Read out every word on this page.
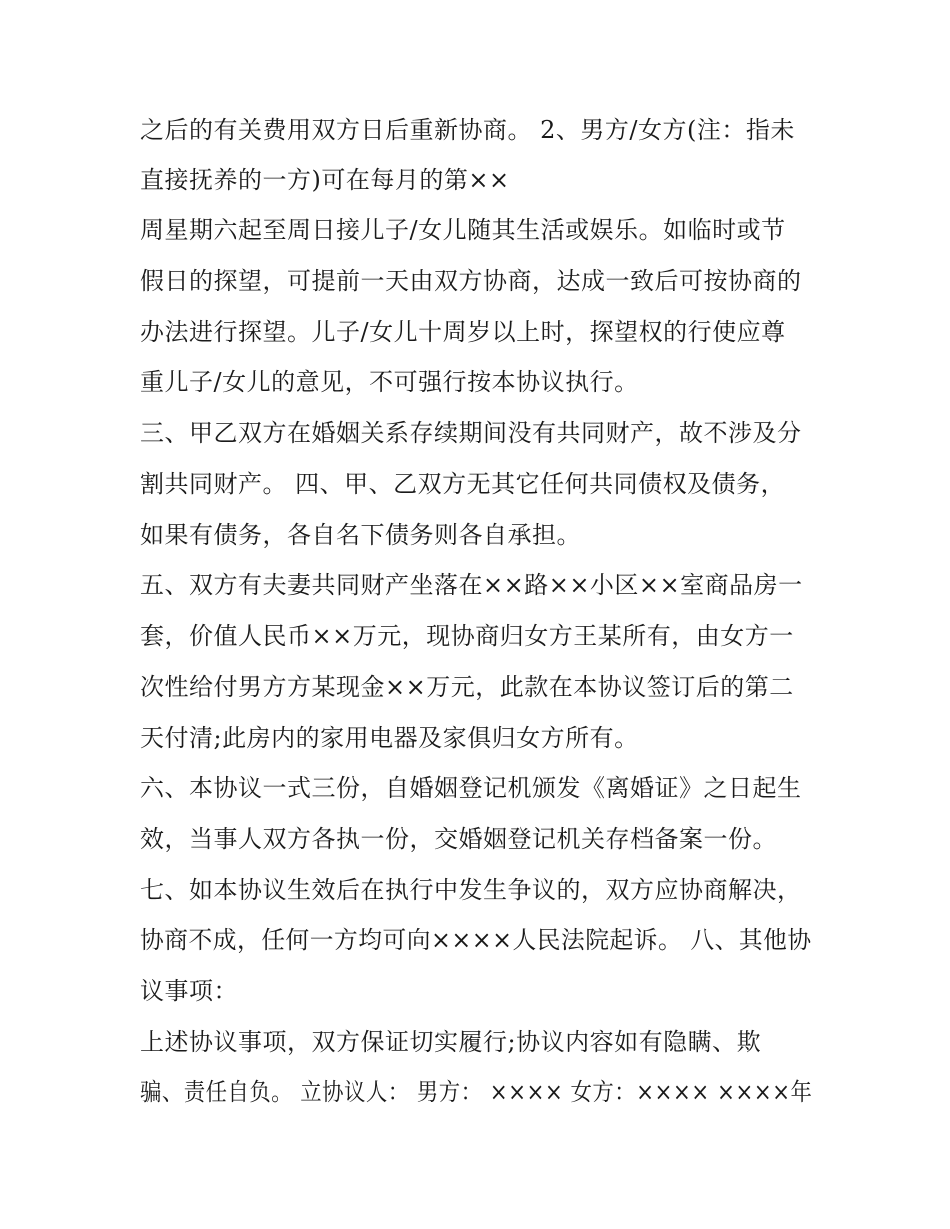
之后的有关费用双方日后重新协商。 2、男方/女方(注：指未
直接抚养的一方)可在每月的第××
周星期六起至周日接儿子/女儿随其生活或娱乐。如临时或节
假日的探望，可提前一天由双方协商，达成一致后可按协商的
办法进行探望。儿子/女儿十周岁以上时，探望权的行使应尊
重儿子/女儿的意见，不可强行按本协议执行。
三、甲乙双方在婚姻关系存续期间没有共同财产，故不涉及分
割共同财产。 四、甲、乙双方无其它任何共同债权及债务，
如果有债务，各自名下债务则各自承担。
五、双方有夫妻共同财产坐落在××路××小区××室商品房一
套，价值人民币××万元，现协商归女方王某所有，由女方一
次性给付男方方某现金××万元，此款在本协议签订后的第二
天付清;此房内的家用电器及家俱归女方所有。
六、本协议一式三份，自婚姻登记机颁发《离婚证》之日起生
效，当事人双方各执一份，交婚姻登记机关存档备案一份。
七、如本协议生效后在执行中发生争议的，双方应协商解决，
协商不成，任何一方均可向××××人民法院起诉。 八、其他协
议事项：
上述协议事项，双方保证切实履行;协议内容如有隐瞒、欺
骗、责任自负。 立协议人： 男方： ×××× 女方：×××× ××××年
